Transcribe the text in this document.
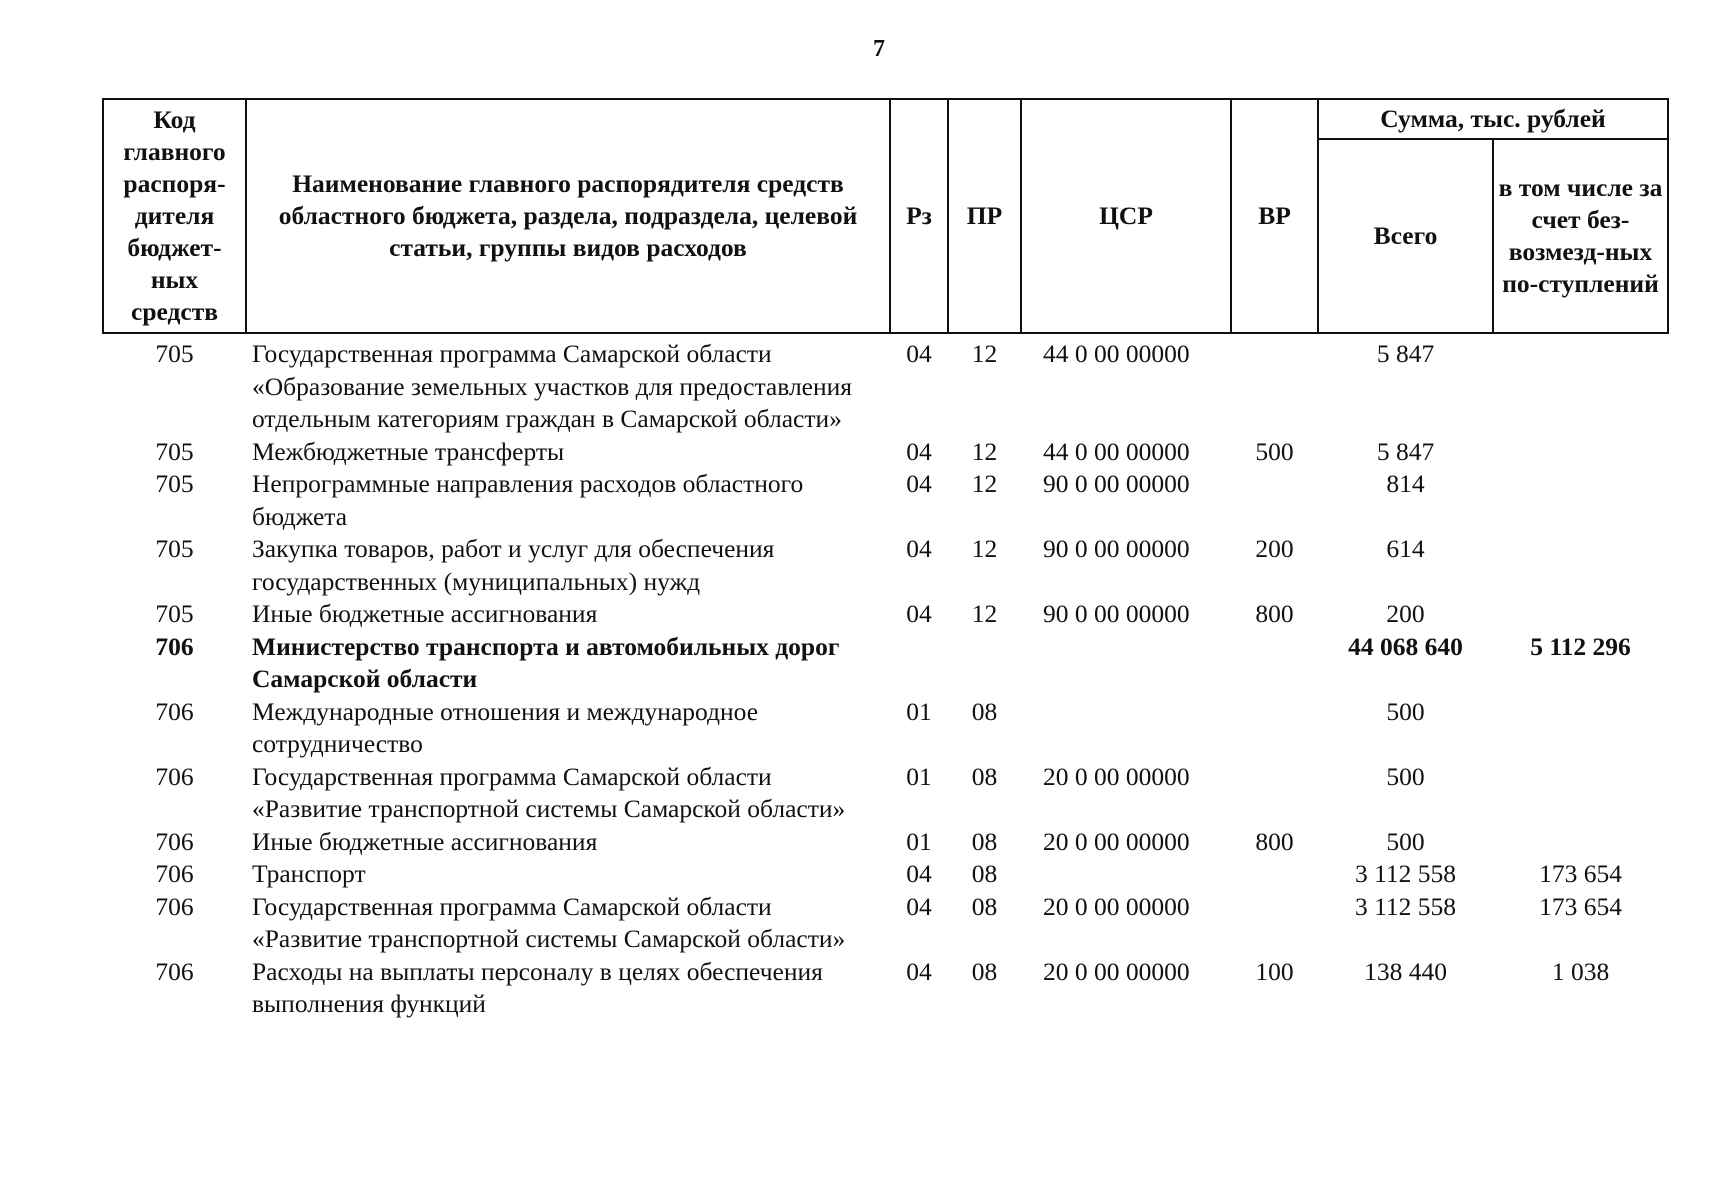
7
Код главного распоря-дителя бюджет-ных средств	Наименование главного распорядителя средств областного бюджета, раздела, подраздела, целевой статьи, группы видов расходов	Рз	ПР	ЦСР	ВР	Сумма, тыс. рублей	
						Всего	в том числе за счет без-возмезд-ных по-ступлений
705	Государственная программа Самарской области «Образование земельных участков для предоставления отдельным категориям граждан в Самарской области»	04	12	44 0 00 00000		5 847	
705	Межбюджетные трансферты	04	12	44 0 00 00000	500	5 847	
705	Непрограммные направления расходов областного бюджета	04	12	90 0 00 00000		814	
705	Закупка товаров, работ и услуг для обеспечения государственных (муниципальных) нужд	04	12	90 0 00 00000	200	614	
705	Иные бюджетные ассигнования	04	12	90 0 00 00000	800	200	
706	Министерство транспорта и автомобильных дорог Самарской области					44 068 640	5 112 296
706	Международные отношения и международное сотрудничество	01	08			500	
706	Государственная программа Самарской области «Развитие транспортной системы Самарской области»	01	08	20 0 00 00000		500	
706	Иные бюджетные ассигнования	01	08	20 0 00 00000	800	500	
706	Транспорт	04	08			3 112 558	173 654
706	Государственная программа Самарской области «Развитие транспортной системы Самарской области»	04	08	20 0 00 00000		3 112 558	173 654
706	Расходы на выплаты персоналу в целях обеспечения выполнения функций	04	08	20 0 00 00000	100	138 440	1 038
